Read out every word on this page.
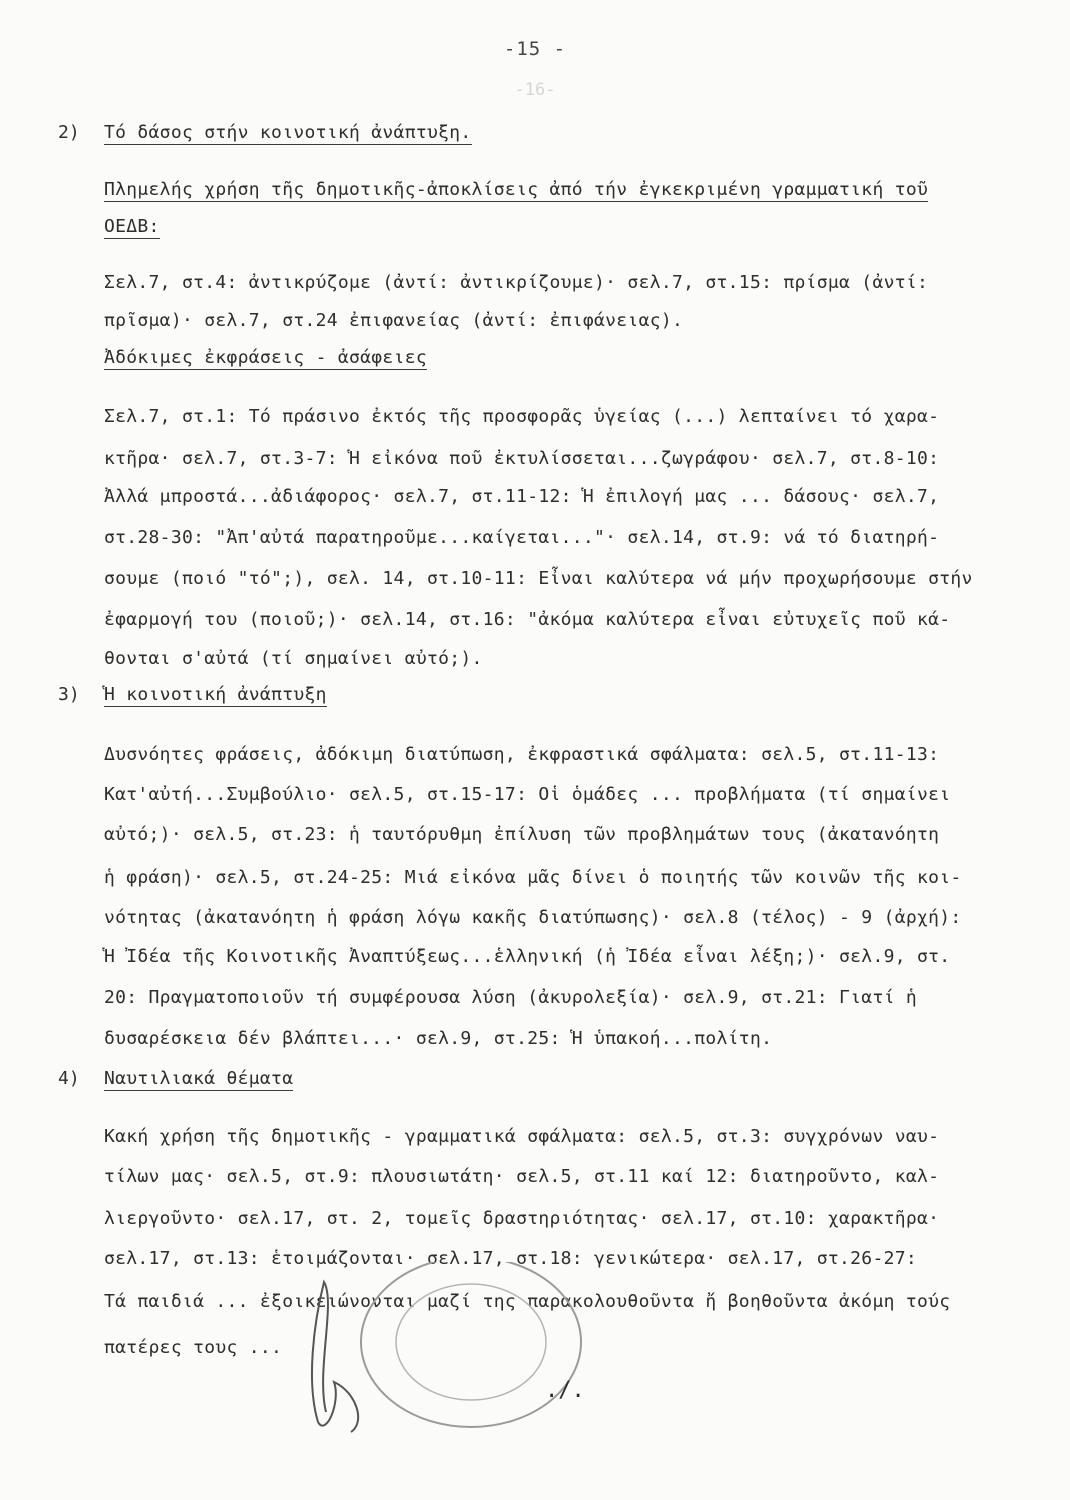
-15 -
-16-
2) Τό δάσος στήν κοινοτική ἀνάπτυξη.
Πλημελής χρήση τῆς δημοτικῆς-ἀποκλίσεις ἀπό τήν ἐγκεκριμένη γραμματική τοῦ
ΟΕΔΒ:
Σελ.7, στ.4: ἀντικρύζομε (ἀντί: ἀντικρίζουμε)· σελ.7, στ.15: πρίσμα (ἀντί:
πρῖσμα)· σελ.7, στ.24 ἐπιφανείας (ἀντί: ἐπιφάνειας).
Ἀδόκιμες ἐκφράσεις - ἀσάφειες
Σελ.7, στ.1: Τό πράσινο ἐκτός τῆς προσφορᾶς ὑγείας (...) λεπταίνει τό χαρα-
κτῆρα· σελ.7, στ.3-7: Ἡ εἰκόνα ποῦ ἐκτυλίσσεται...ζωγράφου· σελ.7, στ.8-10:
Ἀλλά μπροστά...ἀδιάφορος· σελ.7, στ.11-12: Ἡ ἐπιλογή μας ... δάσους· σελ.7,
στ.28-30: "Ἀπ'αὐτά παρατηροῦμε...καίγεται..."· σελ.14, στ.9: νά τό διατηρή-
σουμε (ποιό "τό";), σελ. 14, στ.10-11: Εἶναι καλύτερα νά μήν προχωρήσουμε στήν
ἐφαρμογή του (ποιοῦ;)· σελ.14, στ.16: "ἀκόμα καλύτερα εἶναι εὐτυχεῖς ποῦ κά-
θονται σ'αὐτά (τί σημαίνει αὐτό;).
3) Ἡ κοινοτική ἀνάπτυξη
Δυσνόητες φράσεις, ἀδόκιμη διατύπωση, ἐκφραστικά σφάλματα: σελ.5, στ.11-13:
Κατ'αὐτή...Συμβούλιο· σελ.5, στ.15-17: Οἱ ὁμάδες ... προβλήματα (τί σημαίνει
αὐτό;)· σελ.5, στ.23: ἡ ταυτόρυθμη ἐπίλυση τῶν προβλημάτων τους (ἀκατανόητη
ἡ φράση)· σελ.5, στ.24-25: Μιά εἰκόνα μᾶς δίνει ὁ ποιητής τῶν κοινῶν τῆς κοι-
νότητας (ἀκατανόητη ἡ φράση λόγω κακῆς διατύπωσης)· σελ.8 (τέλος) - 9 (ἀρχή):
Ἡ Ἰδέα τῆς Κοινοτικῆς Ἀναπτύξεως...ἑλληνική (ἡ Ἰδέα εἶναι λέξη;)· σελ.9, στ.
20: Πραγματοποιοῦν τή συμφέρουσα λύση (ἀκυρολεξία)· σελ.9, στ.21: Γιατί ἡ
δυσαρέσκεια δέν βλάπτει...· σελ.9, στ.25: Ἡ ὑπακοή...πολίτη.
4) Ναυτιλιακά θέματα
Κακή χρήση τῆς δημοτικῆς - γραμματικά σφάλματα: σελ.5, στ.3: συγχρόνων ναυ-
τίλων μας· σελ.5, στ.9: πλουσιωτάτη· σελ.5, στ.11 καί 12: διατηροῦντο, καλ-
λιεργοῦντο· σελ.17, στ. 2, τομεῖς δραστηριότητας· σελ.17, στ.10: χαρακτῆρα·
σελ.17, στ.13: ἑτοιμάζονται· σελ.17, στ.18: γενικώτερα· σελ.17, στ.26-27:
Τά παιδιά ... ἐξοικειώνονται μαζί της παρακολουθοῦντα ἤ βοηθοῦντα ἀκόμη τούς
πατέρες τους ...
./.
